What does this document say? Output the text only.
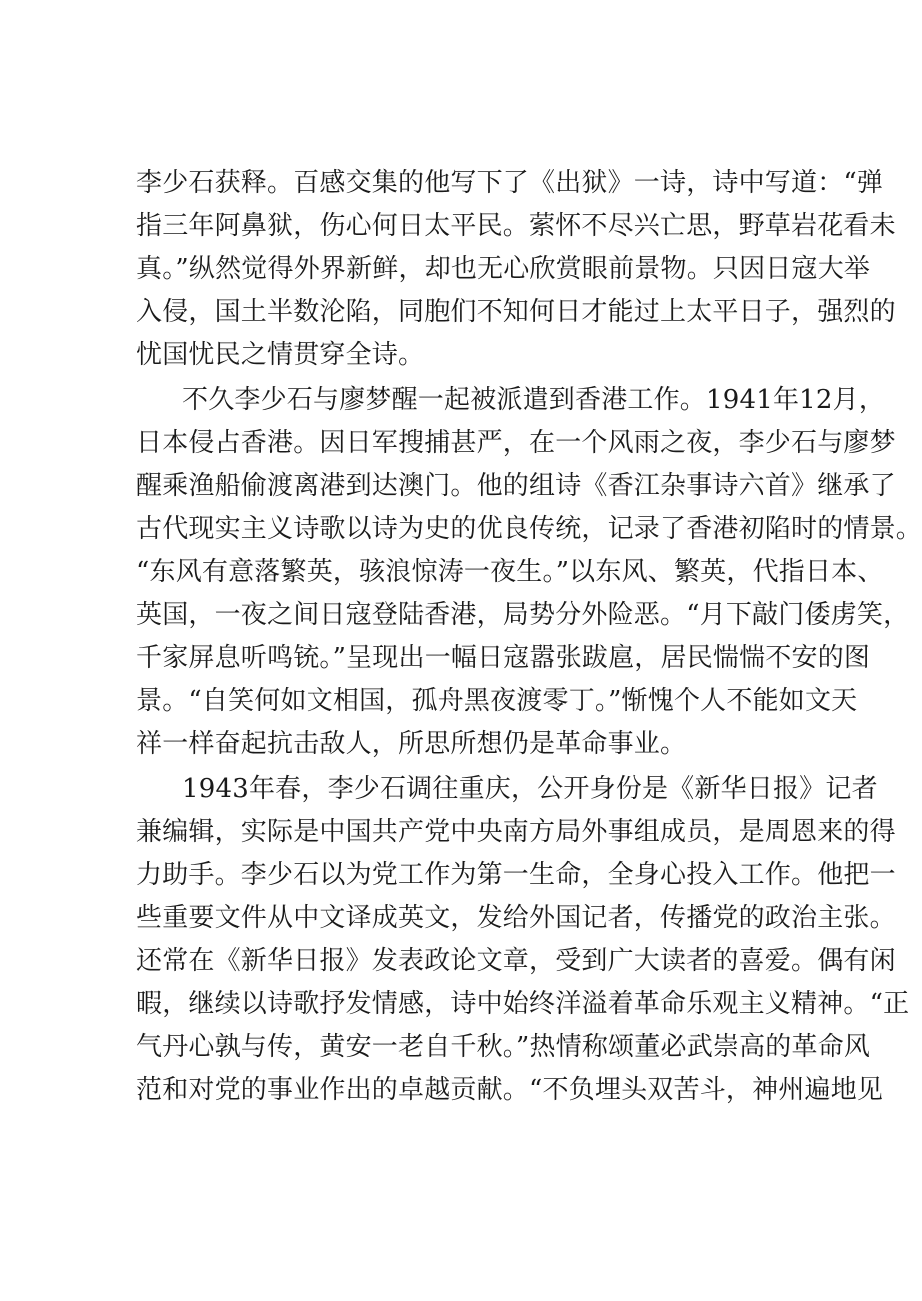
李少石获释。百感交集的他写下了《出狱》一诗，诗中写道：“弹
指三年阿鼻狱，伤心何日太平民。萦怀不尽兴亡思，野草岩花看未
真。”纵然觉得外界新鲜，却也无心欣赏眼前景物。只因日寇大举
入侵，国土半数沦陷，同胞们不知何日才能过上太平日子，强烈的
忧国忧民之情贯穿全诗。
不久李少石与廖梦醒一起被派遣到香港工作。1941年12月，
日本侵占香港。因日军搜捕甚严，在一个风雨之夜，李少石与廖梦
醒乘渔船偷渡离港到达澳门。他的组诗《香江杂事诗六首》继承了
古代现实主义诗歌以诗为史的优良传统，记录了香港初陷时的情景。
“东风有意落繁英，骇浪惊涛一夜生。”以东风、繁英，代指日本、
英国，一夜之间日寇登陆香港，局势分外险恶。“月下敲门倭虏笑，
千家屏息听鸣铳。”呈现出一幅日寇嚣张跋扈，居民惴惴不安的图
景。“自笑何如文相国，孤舟黑夜渡零丁。”惭愧个人不能如文天
祥一样奋起抗击敌人，所思所想仍是革命事业。
1943年春，李少石调往重庆，公开身份是《新华日报》记者
兼编辑，实际是中国共产党中央南方局外事组成员，是周恩来的得
力助手。李少石以为党工作为第一生命，全身心投入工作。他把一
些重要文件从中文译成英文，发给外国记者，传播党的政治主张。
还常在《新华日报》发表政论文章，受到广大读者的喜爱。偶有闲
暇，继续以诗歌抒发情感，诗中始终洋溢着革命乐观主义精神。“正
气丹心孰与传，黄安一老自千秋。”热情称颂董必武崇高的革命风
范和对党的事业作出的卓越贡献。“不负埋头双苦斗，神州遍地见
